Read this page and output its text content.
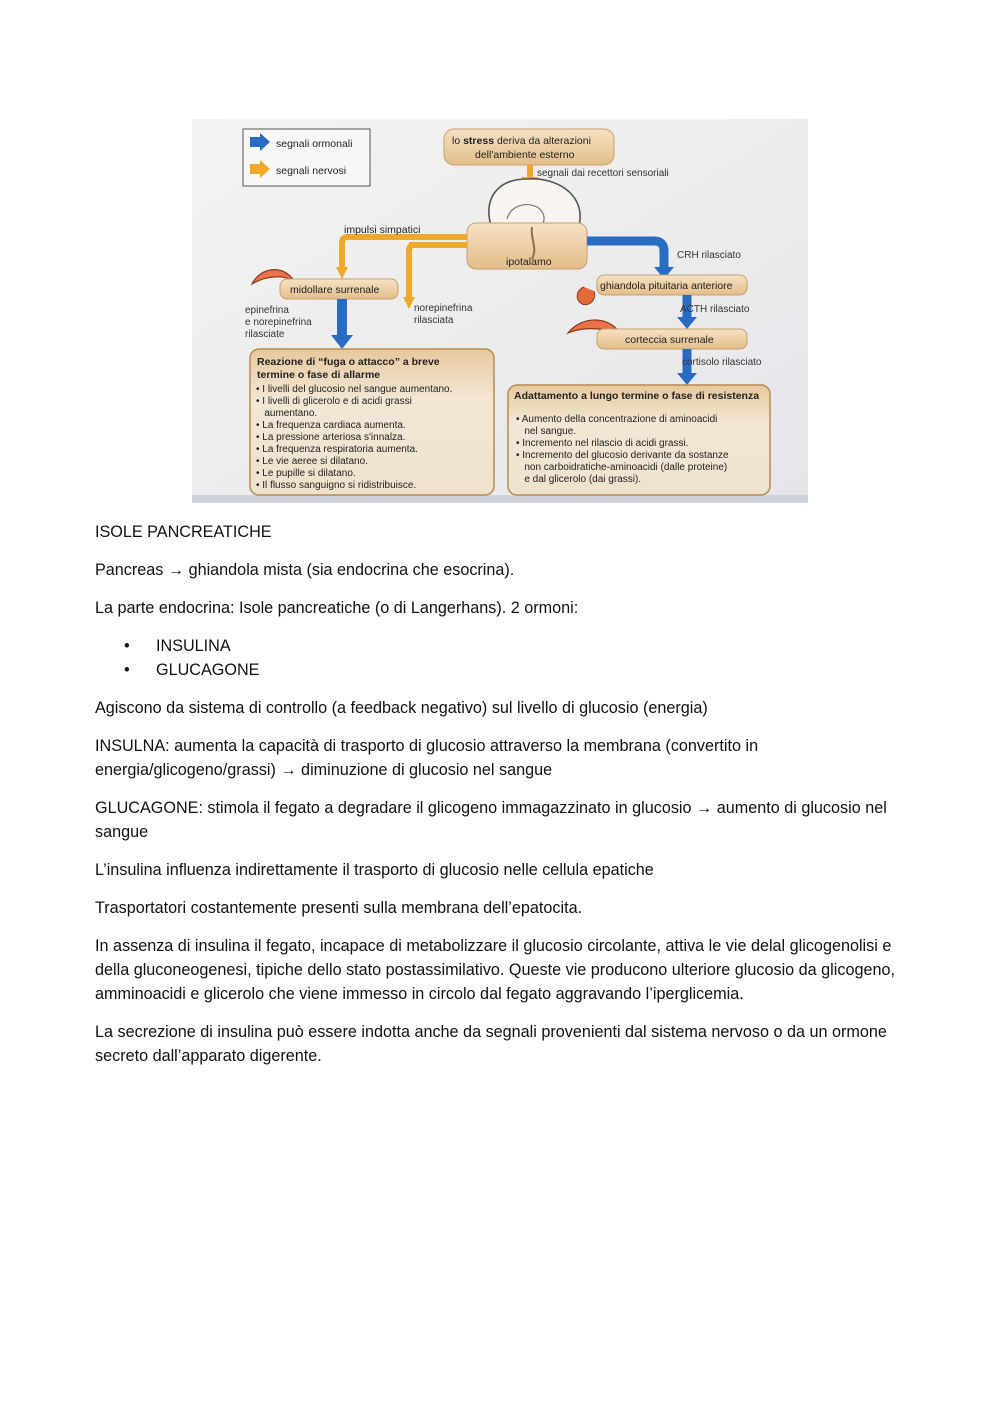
segnali ormonali
segnali nervosi
lo stress deriva da alterazioni
dell'ambiente esterno
segnali dai recettori sensoriali
ipotalamo
impulsi simpatici
CRH rilasciato
ghiandola pituitaria anteriore
ACTH rilasciato
corteccia surrenale
cortisolo rilasciato
midollare surrenale
epinefrina e norepinefrina rilasciate
norepinefrina rilasciata
Reazione di “fuga o attacco” a breve termine o fase di allarme
• I livelli del glucosio nel sangue aumentano. • I livelli di glicerolo e di acidi grassi          aumentano. • La frequenza cardiaca aumenta. • La pressione arteriosa s'innalza. • La frequenza respiratoria aumenta. • Le vie aeree si dilatano. • Le pupille si dilatano. • Il flusso sanguigno si ridistribuisce.
Adattamento a lungo termine o fase di resistenza
• Aumento della concentrazione di aminoacidi          nel sangue. • Incremento nel rilascio di acidi grassi. • Incremento del glucosio derivante da sostanze          non carboidratiche-aminoacidi (dalle proteine)          e dal glicerolo (dai grassi).

ISOLE PANCREATICHE

Pancreas → ghiandola mista (sia endocrina che esocrina).

La parte endocrina: Isole pancreatiche (o di Langerhans). 2 ormoni:

• INSULINA
• GLUCAGONE

Agiscono da sistema di controllo (a feedback negativo) sul livello di glucosio (energia)

INSULNA: aumenta la capacità di trasporto di glucosio attraverso la membrana (convertito in energia/glicogeno/grassi) → diminuzione di glucosio nel sangue

GLUCAGONE: stimola il fegato a degradare il glicogeno immagazzinato in glucosio → aumento di glucosio nel sangue

L’insulina influenza indirettamente il trasporto di glucosio nelle cellula epatiche

Trasportatori costantemente presenti sulla membrana dell’epatocita.

In assenza di insulina il fegato, incapace di metabolizzare il glucosio circolante, attiva le vie delal glicogenolisi e della gluconeogenesi, tipiche dello stato postassimilativo. Queste vie producono ulteriore glucosio da glicogeno, amminoacidi e glicerolo che viene immesso in circolo dal fegato aggravando l’iperglicemia.

La secrezione di insulina può essere indotta anche da segnali provenienti dal sistema nervoso o da un ormone secreto dall’apparato digerente.
